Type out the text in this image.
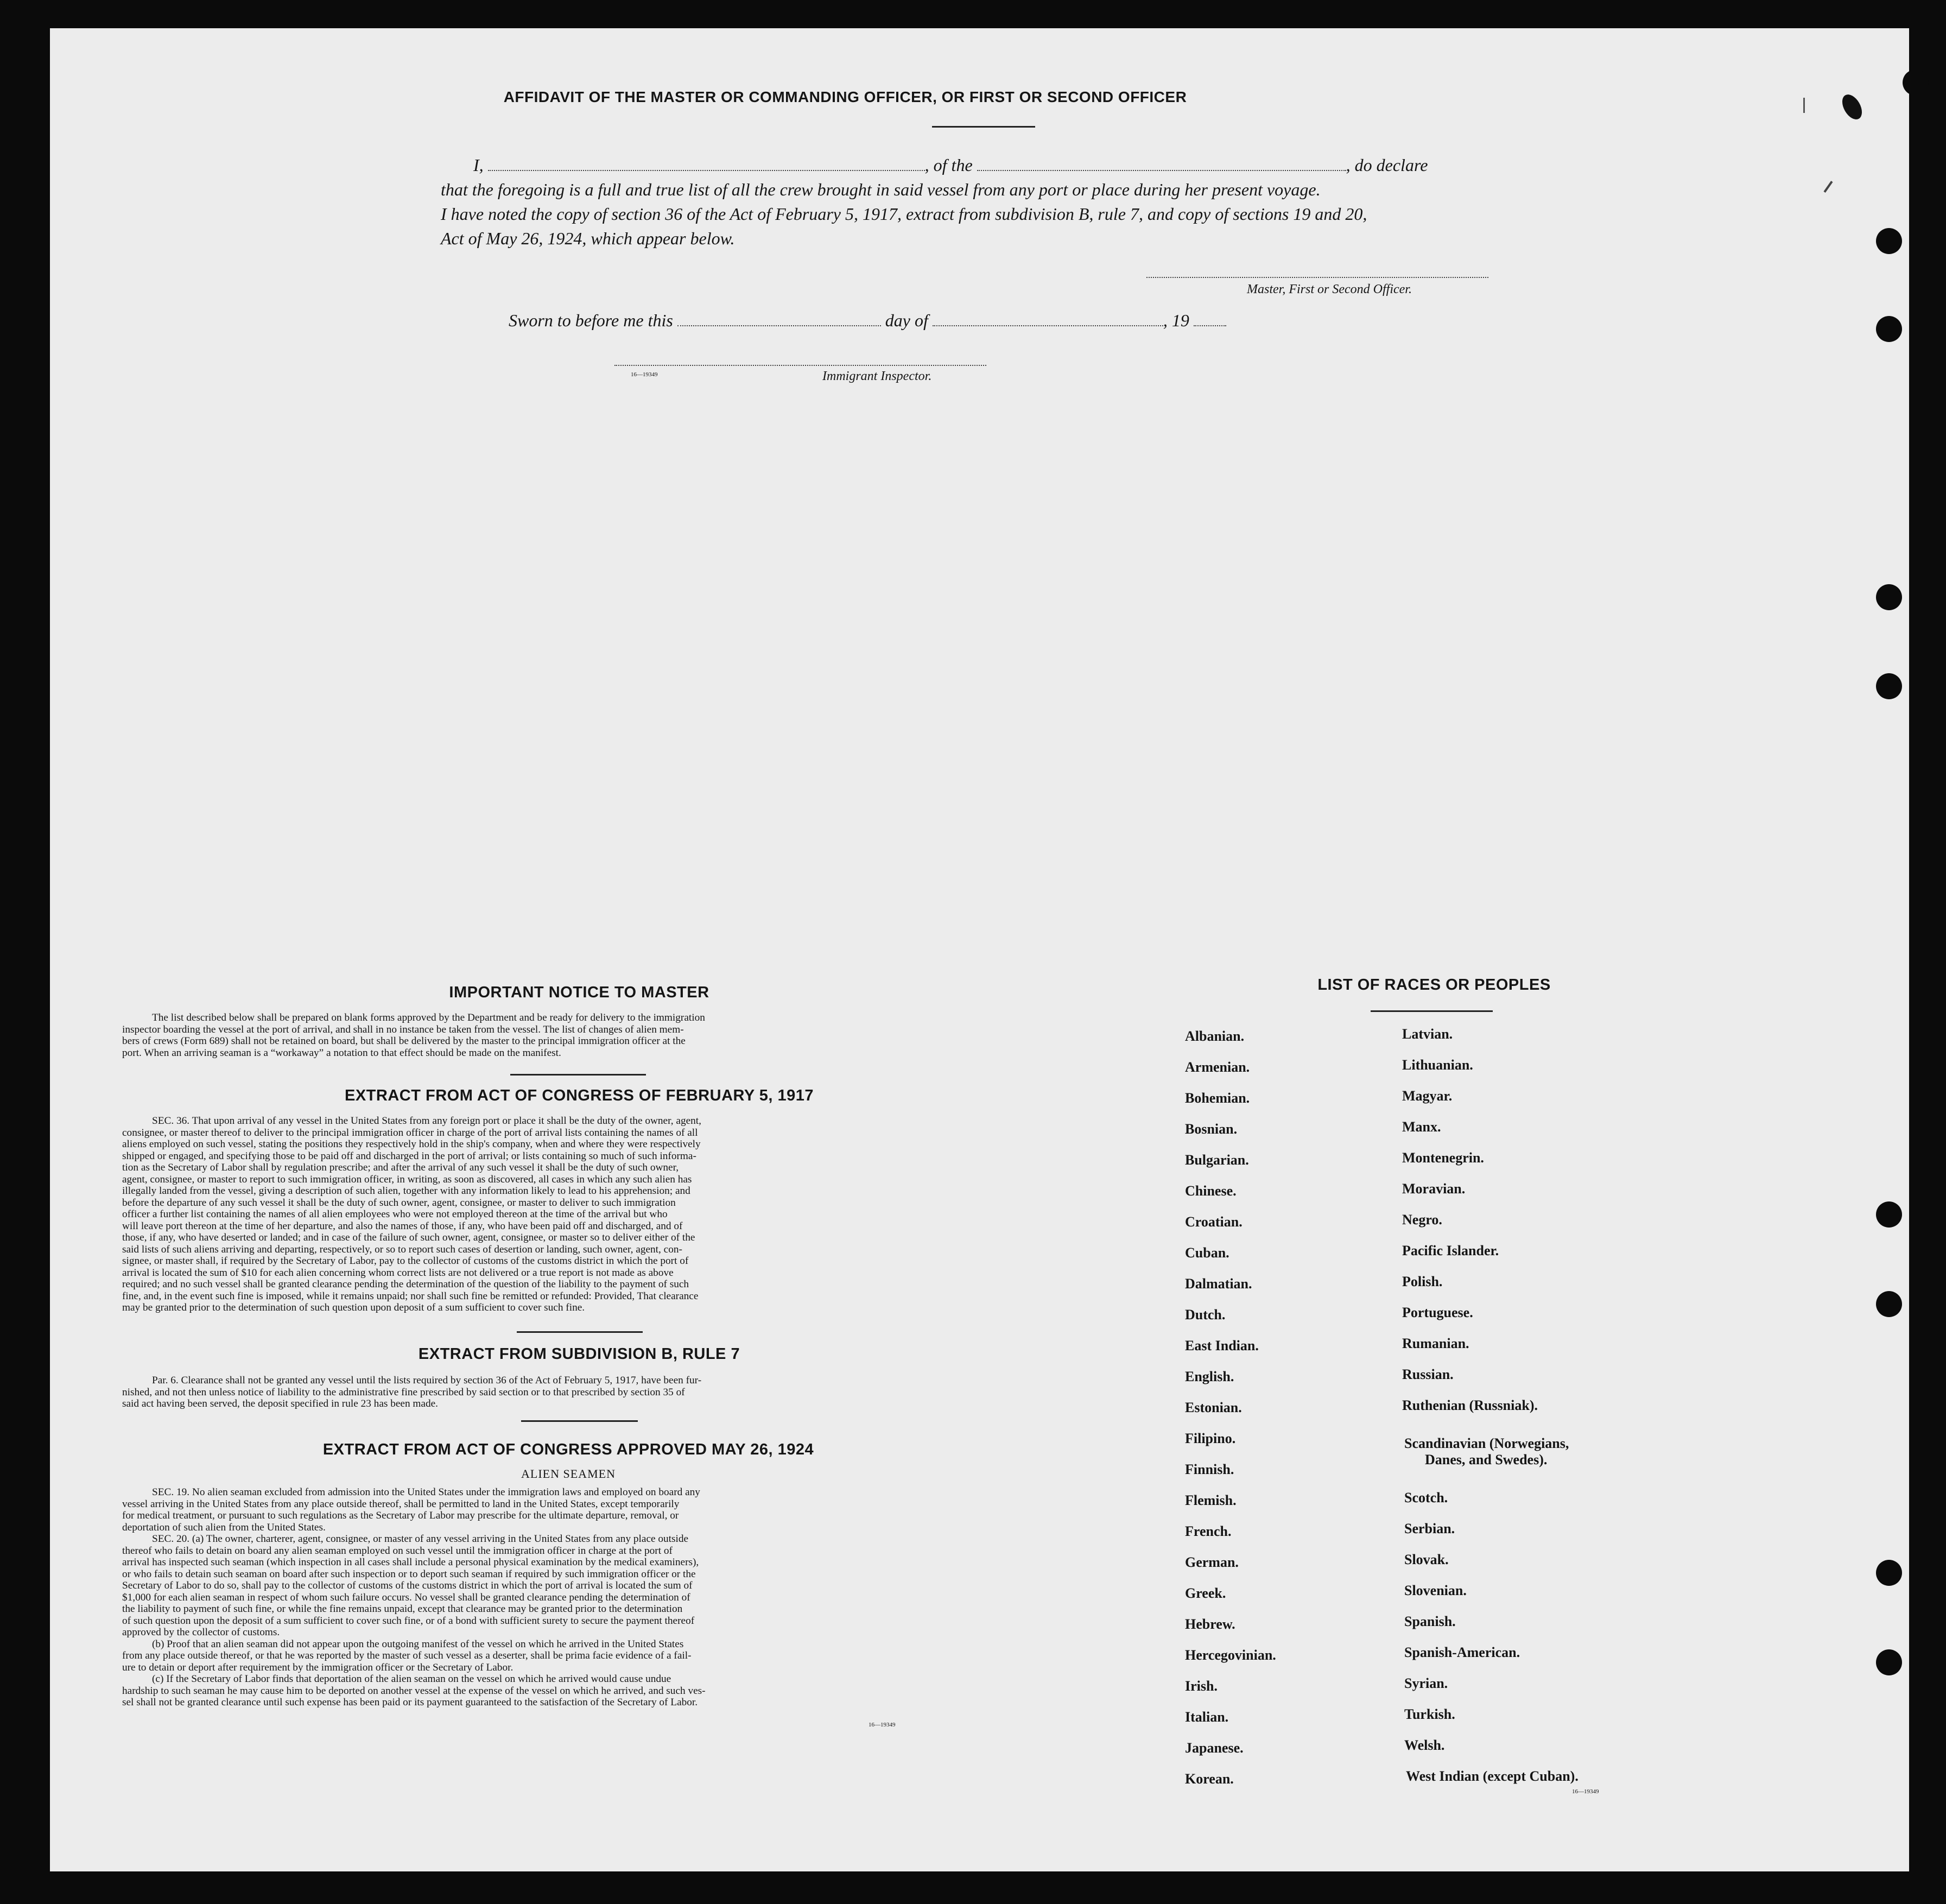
AFFIDAVIT OF THE MASTER OR COMMANDING OFFICER, OR FIRST OR SECOND OFFICER
I,	, of the	, do declare
that the foregoing is a full and true list of all the crew brought in said vessel from any port or place during her present voyage.
I have noted the copy of section 36 of the Act of February 5, 1917, extract from subdivision B, rule 7, and copy of sections 19 and 20,
Act of May 26, 1924, which appear below.
Master, First or Second Officer.
Sworn to before me this	day of	, 19
16—19349	Immigrant Inspector.
IMPORTANT NOTICE TO MASTER
The list described below shall be prepared on blank forms approved by the Department and be ready for delivery to the immigration
inspector boarding the vessel at the port of arrival, and shall in no instance be taken from the vessel. The list of changes of alien mem-
bers of crews (Form 689) shall not be retained on board, but shall be delivered by the master to the principal immigration officer at the
port. When an arriving seaman is a “workaway” a notation to that effect should be made on the manifest.
EXTRACT FROM ACT OF CONGRESS OF FEBRUARY 5, 1917
SEC. 36. That upon arrival of any vessel in the United States from any foreign port or place it shall be the duty of the owner, agent,
consignee, or master thereof to deliver to the principal immigration officer in charge of the port of arrival lists containing the names of all
aliens employed on such vessel, stating the positions they respectively hold in the ship's company, when and where they were respectively
shipped or engaged, and specifying those to be paid off and discharged in the port of arrival; or lists containing so much of such informa-
tion as the Secretary of Labor shall by regulation prescribe; and after the arrival of any such vessel it shall be the duty of such owner,
agent, consignee, or master to report to such immigration officer, in writing, as soon as discovered, all cases in which any such alien has
illegally landed from the vessel, giving a description of such alien, together with any information likely to lead to his apprehension; and
before the departure of any such vessel it shall be the duty of such owner, agent, consignee, or master to deliver to such immigration
officer a further list containing the names of all alien employees who were not employed thereon at the time of the arrival but who
will leave port thereon at the time of her departure, and also the names of those, if any, who have been paid off and discharged, and of
those, if any, who have deserted or landed; and in case of the failure of such owner, agent, consignee, or master so to deliver either of the
said lists of such aliens arriving and departing, respectively, or so to report such cases of desertion or landing, such owner, agent, con-
signee, or master shall, if required by the Secretary of Labor, pay to the collector of customs of the customs district in which the port of
arrival is located the sum of $10 for each alien concerning whom correct lists are not delivered or a true report is not made as above
required; and no such vessel shall be granted clearance pending the determination of the question of the liability to the payment of such
fine, and, in the event such fine is imposed, while it remains unpaid; nor shall such fine be remitted or refunded: Provided, That clearance
may be granted prior to the determination of such question upon deposit of a sum sufficient to cover such fine.
EXTRACT FROM SUBDIVISION B, RULE 7
Par. 6. Clearance shall not be granted any vessel until the lists required by section 36 of the Act of February 5, 1917, have been fur-
nished, and not then unless notice of liability to the administrative fine prescribed by said section or to that prescribed by section 35 of
said act having been served, the deposit specified in rule 23 has been made.
EXTRACT FROM ACT OF CONGRESS APPROVED MAY 26, 1924
ALIEN SEAMEN
SEC. 19. No alien seaman excluded from admission into the United States under the immigration laws and employed on board any
vessel arriving in the United States from any place outside thereof, shall be permitted to land in the United States, except temporarily
for medical treatment, or pursuant to such regulations as the Secretary of Labor may prescribe for the ultimate departure, removal, or
deportation of such alien from the United States.
SEC. 20. (a) The owner, charterer, agent, consignee, or master of any vessel arriving in the United States from any place outside
thereof who fails to detain on board any alien seaman employed on such vessel until the immigration officer in charge at the port of
arrival has inspected such seaman (which inspection in all cases shall include a personal physical examination by the medical examiners),
or who fails to detain such seaman on board after such inspection or to deport such seaman if required by such immigration officer or the
Secretary of Labor to do so, shall pay to the collector of customs of the customs district in which the port of arrival is located the sum of
$1,000 for each alien seaman in respect of whom such failure occurs. No vessel shall be granted clearance pending the determination of
the liability to payment of such fine, or while the fine remains unpaid, except that clearance may be granted prior to the determination
of such question upon the deposit of a sum sufficient to cover such fine, or of a bond with sufficient surety to secure the payment thereof
approved by the collector of customs.
(b) Proof that an alien seaman did not appear upon the outgoing manifest of the vessel on which he arrived in the United States
from any place outside thereof, or that he was reported by the master of such vessel as a deserter, shall be prima facie evidence of a fail-
ure to detain or deport after requirement by the immigration officer or the Secretary of Labor.
(c) If the Secretary of Labor finds that deportation of the alien seaman on the vessel on which he arrived would cause undue
hardship to such seaman he may cause him to be deported on another vessel at the expense of the vessel on which he arrived, and such ves-
sel shall not be granted clearance until such expense has been paid or its payment guaranteed to the satisfaction of the Secretary of Labor.
16—19349
LIST OF RACES OR PEOPLES
Albanian.
Armenian.
Bohemian.
Bosnian.
Bulgarian.
Chinese.
Croatian.
Cuban.
Dalmatian.
Dutch.
East Indian.
English.
Estonian.
Filipino.
Finnish.
Flemish.
French.
German.
Greek.
Hebrew.
Hercegovinian.
Irish.
Italian.
Japanese.
Korean.
Latvian.
Lithuanian.
Magyar.
Manx.
Montenegrin.
Moravian.
Negro.
Pacific Islander.
Polish.
Portuguese.
Rumanian.
Russian.
Ruthenian (Russniak).
Scandinavian (Norwegians,
Danes, and Swedes).
Scotch.
Serbian.
Slovak.
Slovenian.
Spanish.
Spanish-American.
Syrian.
Turkish.
Welsh.
West Indian (except Cuban).
16—19349
